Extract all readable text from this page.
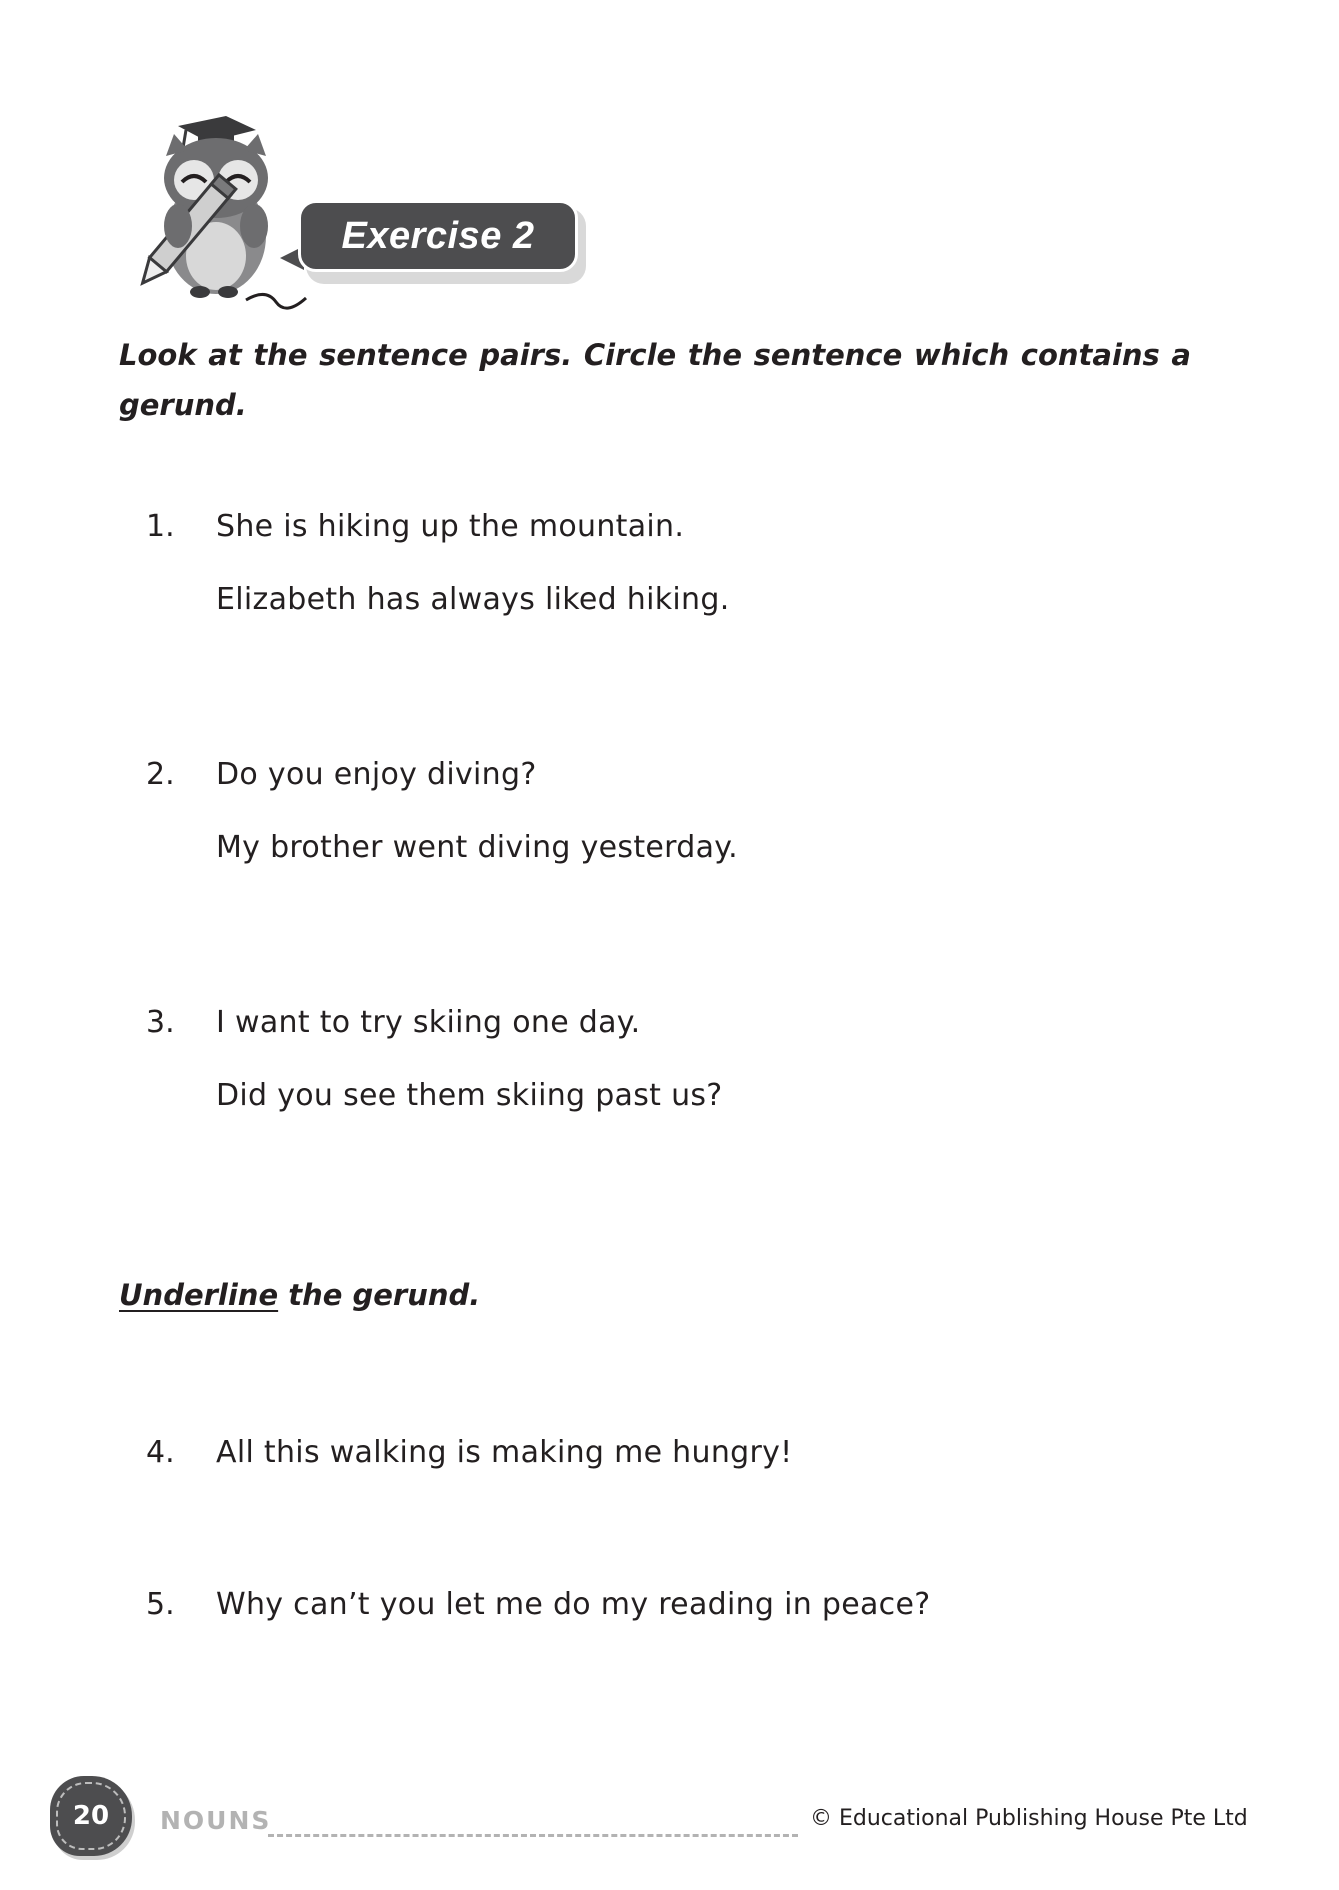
Exercise 2
Look at the sentence pairs. Circle the sentence which contains a gerund.
1. She is hiking up the mountain.
Elizabeth has always liked hiking.
2. Do you enjoy diving?
My brother went diving yesterday.
3. I want to try skiing one day.
Did you see them skiing past us?
Underline the gerund.
4. All this walking is making me hungry!
5. Why can’t you let me do my reading in peace?
20 NOUNS	© Educational Publishing House Pte Ltd
